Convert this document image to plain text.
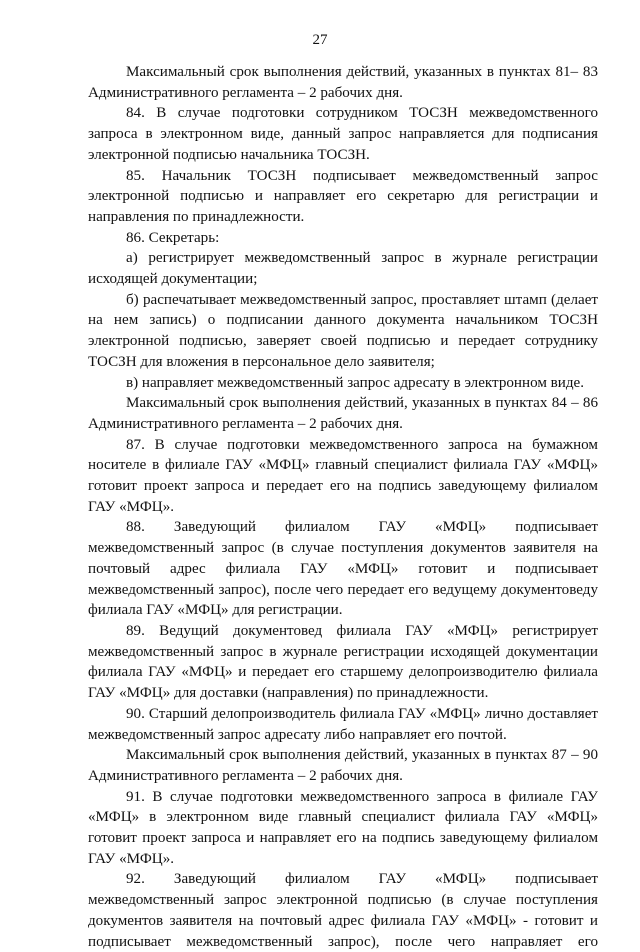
27

Максимальный срок выполнения действий, указанных в пунктах 81– 83 Административного регламента – 2 рабочих дня.

84. В случае подготовки сотрудником ТОСЗН межведомственного запроса в электронном виде, данный запрос направляется для подписания электронной подписью начальника ТОСЗН.

85. Начальник ТОСЗН подписывает межведомственный запрос электронной подписью и направляет его секретарю для регистрации и направления по принадлежности.

86. Секретарь:

а) регистрирует межведомственный запрос в журнале регистрации исходящей документации;

б) распечатывает межведомственный запрос, проставляет штамп (делает на нем запись) о подписании данного документа начальником ТОСЗН электронной подписью, заверяет своей подписью и передает сотруднику ТОСЗН для вложения в персональное дело заявителя;

в) направляет межведомственный запрос адресату в электронном виде.

Максимальный срок выполнения действий, указанных в пунктах 84 – 86 Административного регламента – 2 рабочих дня.

87. В случае подготовки межведомственного запроса на бумажном носителе в филиале ГАУ «МФЦ» главный специалист филиала ГАУ «МФЦ» готовит проект запроса и передает его на подпись заведующему филиалом ГАУ «МФЦ».

88. Заведующий филиалом ГАУ «МФЦ» подписывает межведомственный запрос (в случае поступления документов заявителя на почтовый адрес филиала ГАУ «МФЦ» готовит и подписывает межведомственный запрос), после чего передает его ведущему документоведу филиала ГАУ «МФЦ» для регистрации.

89. Ведущий документовед филиала ГАУ «МФЦ» регистрирует межведомственный запрос в журнале регистрации исходящей документации филиала ГАУ «МФЦ» и передает его старшему делопроизводителю филиала ГАУ «МФЦ» для доставки (направления) по принадлежности.

90. Старший делопроизводитель филиала ГАУ «МФЦ» лично доставляет межведомственный запрос адресату либо направляет его почтой.

Максимальный срок выполнения действий, указанных в пунктах 87 – 90 Административного регламента – 2 рабочих дня.

91. В случае подготовки межведомственного запроса в филиале ГАУ «МФЦ» в электронном виде главный специалист филиала ГАУ «МФЦ» готовит проект запроса и направляет его на подпись заведующему филиалом ГАУ «МФЦ».

92. Заведующий филиалом ГАУ «МФЦ» подписывает межведомственный запрос электронной подписью (в случае поступления документов заявителя на почтовый адрес филиала ГАУ «МФЦ» - готовит и подписывает межведомственный запрос), после чего направляет его
